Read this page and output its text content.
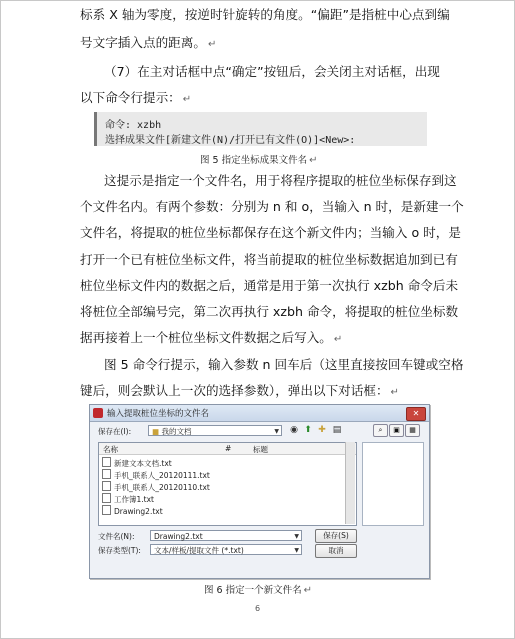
标系 X 轴为零度，按逆时针旋转的角度。“偏距”是指桩中心点到编
号文字插入点的距离。 ↵
（7）在主对话框中点“确定”按钮后，会关闭主对话框，出现
以下命令行提示： ↵
命令: xzbh
选择成果文件[新建文件(N)/打开已有文件(O)]<New>:
图 5 指定坐标成果文件名 ↵
这提示是指定一个文件名，用于将程序提取的桩位坐标保存到这
个文件名内。有两个参数：分别为 n 和 o，当输入 n 时，是新建一个
文件名，将提取的桩位坐标都保存在这个新文件内；当输入 o 时，是
打开一个已有桩位坐标文件，将当前提取的桩位坐标数据追加到已有
桩位坐标文件内的数据之后，通常是用于第一次执行 xzbh 命令后未
将桩位全部编号完，第二次再执行 xzbh 命令，将提取的桩位坐标数
据再接着上一个桩位坐标文件数据之后写入。 ↵
图 5 命令行提示，输入参数 n 回车后（这里直接按回车键或空格
键后，则会默认上一次的选择参数），弹出以下对话框： ↵
输入提取桩位坐标的文件名	✕
保存在(I):	■ 我的文档	▼ ◉ ⬆ ✚ ▤	⌕	▣	▦
名称	#	标题
新建文本文档.txt
手机_联系人_20120111.txt
手机_联系人_20120110.txt
工作簿1.txt
Drawing2.txt
文件名(N):	Drawing2.txt	▼
保存类型(T):	文本/样板/提取文件 (*.txt)	▼
保存(S)
取消
图 6 指定一个新文件名 ↵
6
